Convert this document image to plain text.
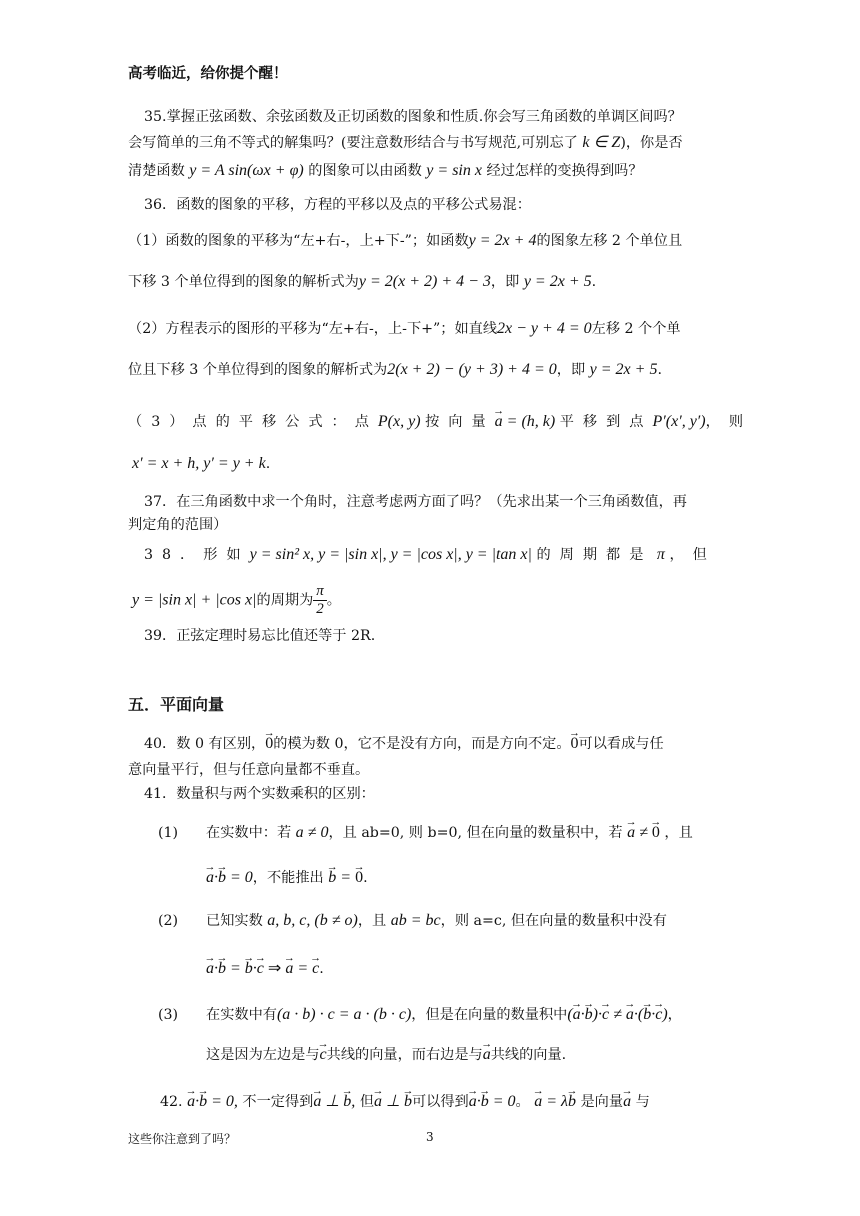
高考临近，给你提个醒！
35.掌握正弦函数、余弦函数及正切函数的图象和性质.你会写三角函数的单调区间吗？
会写简单的三角不等式的解集吗？(要注意数形结合与书写规范,可别忘了 k ∈ Z)，你是否
清楚函数 y = A sin(ωx + φ) 的图象可以由函数 y = sin x 经过怎样的变换得到吗？
36．函数的图象的平移，方程的平移以及点的平移公式易混：
（1）函数的图象的平移为“左+右-，上+下-”；如函数y = 2x + 4的图象左移 2 个单位且
下移 3 个单位得到的图象的解析式为y = 2(x + 2) + 4 − 3，即 y = 2x + 5.
（2）方程表示的图形的平移为“左+右-，上-下+”；如直线2x − y + 4 = 0左移 2 个个单
位且下移 3 个单位得到的图象的解析式为2(x + 2) − (y + 3) + 4 = 0，即 y = 2x + 5.
（3）点的平移公式：点P(x, y) 按向量→ a = (h, k) 平移到点P′(x′, y′)，则
x′ = x + h, y′ = y + k.
37．在三角函数中求一个角时，注意考虑两方面了吗？（先求出某一个三角函数值，再
判定角的范围）
38．形如y = sin² x, y = |sin x|, y = |cos x|, y = |tan x| 的周期都是 π ，但
y = |sin x| + |cos x|的周期为 $\frac{\pi}{2}$ 。
39．正弦定理时易忘比值还等于 2R.
五．平面向量
40．数 0 有区别，→ 0的模为数 0，它不是没有方向，而是方向不定。→ 0可以看成与任
意向量平行，但与任意向量都不垂直。
41．数量积与两个实数乘积的区别：
(1) 在实数中：若 a ≠ 0，且 ab=0, 则 b=0, 但在向量的数量积中，若 → a ≠ → 0 ，且
→ a·→ b = 0，不能推出 → b = → 0.
(2) 已知实数 a, b, c, (b ≠ o)，且 ab = bc，则 a=c, 但在向量的数量积中没有
→ a·→ b = → b·→ c ⇒ → a = → c.
(3) 在实数中有(a · b) · c = a · (b · c)，但是在向量的数量积中(→ a·→ b)·→ c ≠ → a·(→ b·→ c)，
这是因为左边是与→ c共线的向量，而右边是与→ a共线的向量.
42. → a·→ b = 0, 不一定得到→ a ⊥ → b, 但→ a ⊥ → b可以得到→ a·→ b = 0。 → a = λ→ b 是向量→ a 与
这些你注意到了吗？	3
